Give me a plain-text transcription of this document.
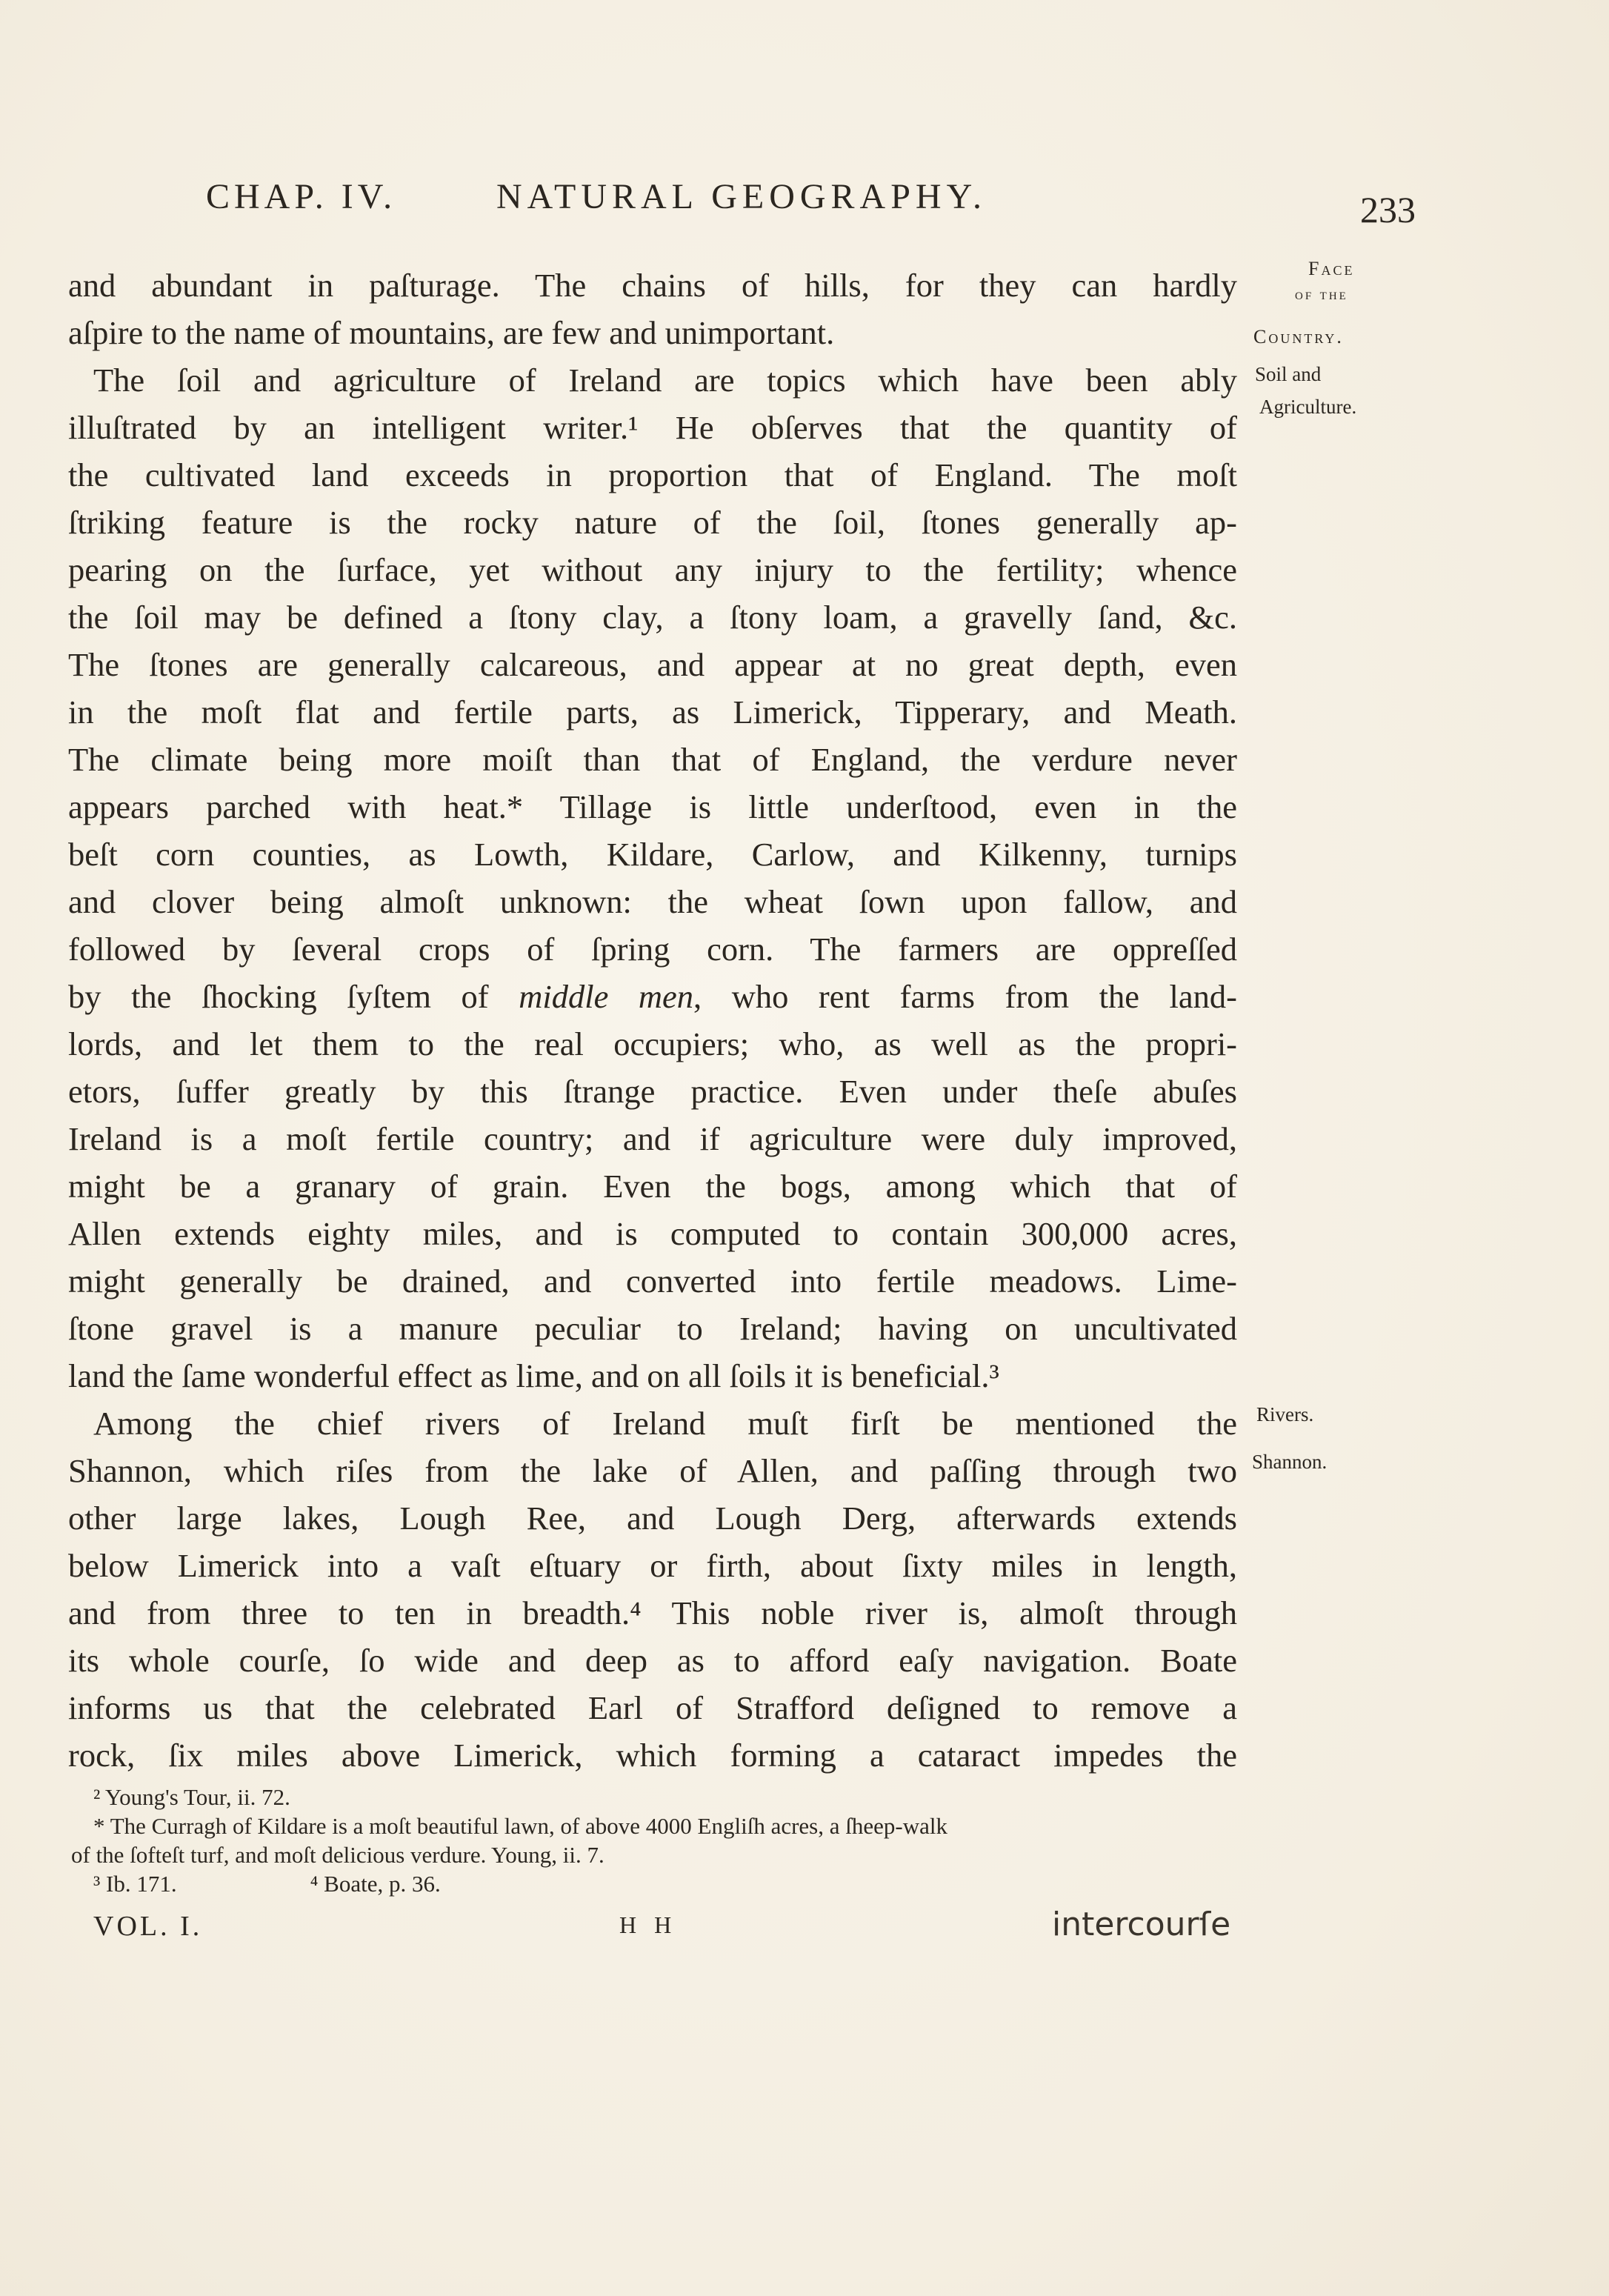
CHAP. IV.	NATURAL GEOGRAPHY.	233
and abundant in paſturage. The chains of hills, for they can hardly
aſpire to the name of mountains, are few and unimportant.
The ſoil and agriculture of Ireland are topics which have been ably
illuſtrated by an intelligent writer.¹ He obſerves that the quantity of
the cultivated land exceeds in proportion that of England. The moſt
ſtriking feature is the rocky nature of the ſoil, ſtones generally ap-
pearing on the ſurface, yet without any injury to the fertility; whence
the ſoil may be defined a ſtony clay, a ſtony loam, a gravelly ſand, &c.
The ſtones are generally calcareous, and appear at no great depth, even
in the moſt flat and fertile parts, as Limerick, Tipperary, and Meath.
The climate being more moiſt than that of England, the verdure never
appears parched with heat.* Tillage is little underſtood, even in the
beſt corn counties, as Lowth, Kildare, Carlow, and Kilkenny, turnips
and clover being almoſt unknown: the wheat ſown upon fallow, and
followed by ſeveral crops of ſpring corn. The farmers are oppreſſed
by the ſhocking ſyſtem of middle men, who rent farms from the land-
lords, and let them to the real occupiers; who, as well as the propri-
etors, ſuffer greatly by this ſtrange practice. Even under theſe abuſes
Ireland is a moſt fertile country; and if agriculture were duly improved,
might be a granary of grain. Even the bogs, among which that of
Allen extends eighty miles, and is computed to contain 300,000 acres,
might generally be drained, and converted into fertile meadows. Lime-
ſtone gravel is a manure peculiar to Ireland; having on uncultivated
land the ſame wonderful effect as lime, and on all ſoils it is beneficial.³
Among the chief rivers of Ireland muſt firſt be mentioned the
Shannon, which riſes from the lake of Allen, and paſſing through two
other large lakes, Lough Ree, and Lough Derg, afterwards extends
below Limerick into a vaſt eſtuary or firth, about ſixty miles in length,
and from three to ten in breadth.⁴ This noble river is, almoſt through
its whole courſe, ſo wide and deep as to afford eaſy navigation. Boate
informs us that the celebrated Earl of Strafford deſigned to remove a
rock, ſix miles above Limerick, which forming a cataract impedes the
Face
of the
Country.
Soil and
Agriculture.
Rivers.
Shannon.
² Young's Tour, ii. 72.
* The Curragh of Kildare is a moſt beautiful lawn, of above 4000 Engliſh acres, a ſheep-walk
of the ſofteſt turf, and moſt delicious verdure. Young, ii. 7.
³ Ib. 171.	⁴ Boate, p. 36.
VOL. I.	H H	intercourſe
